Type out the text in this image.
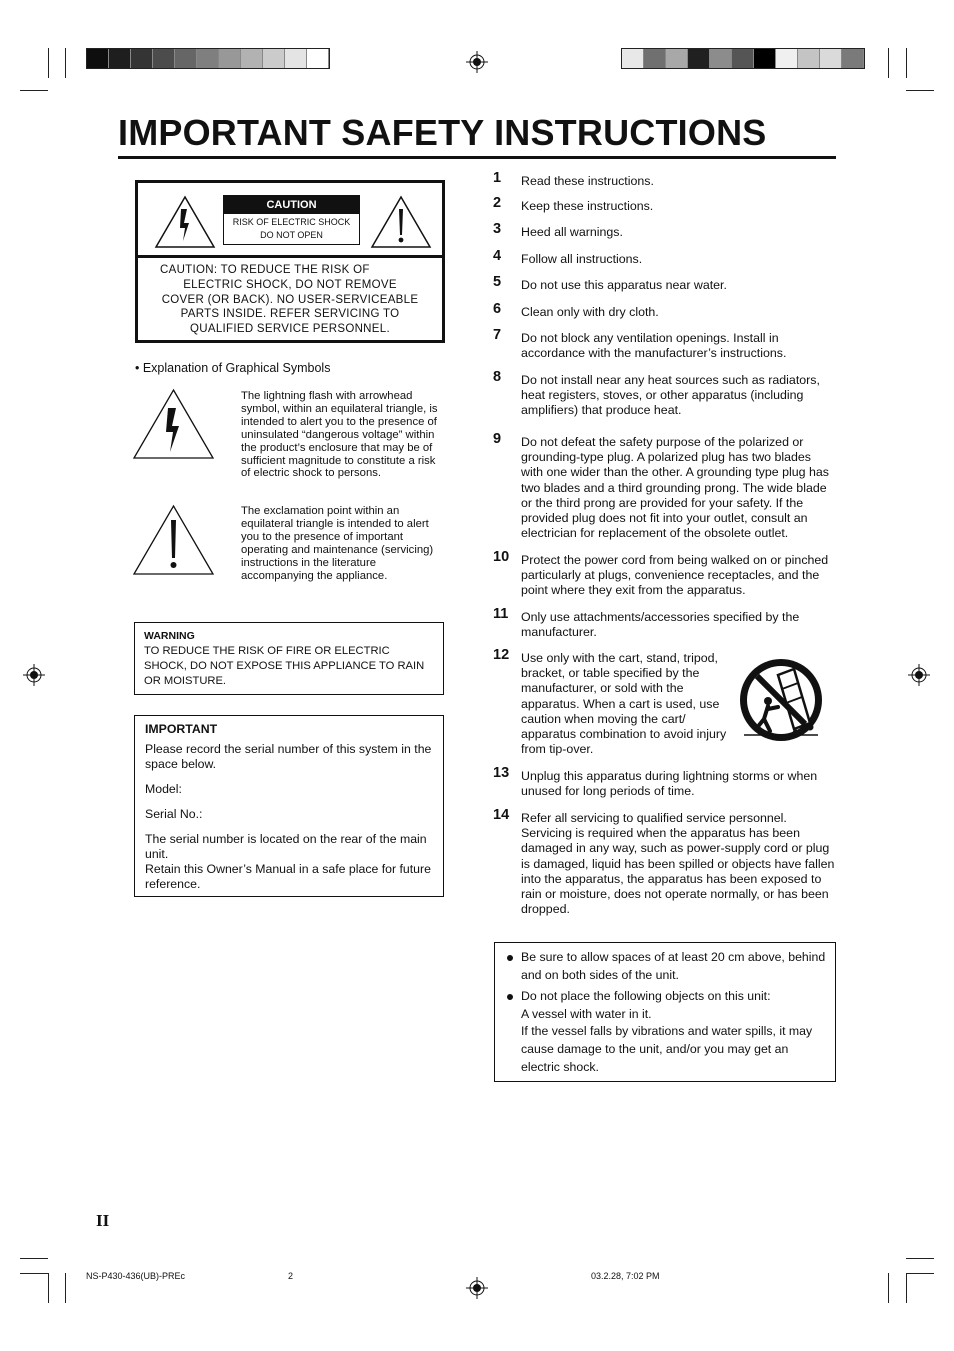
IMPORTANT SAFETY INSTRUCTIONS
CAUTION
RISK OF ELECTRIC SHOCK
DO NOT OPEN
CAUTION: TO REDUCE THE RISK OF
ELECTRIC SHOCK, DO NOT REMOVE
COVER (OR BACK). NO USER-SERVICEABLE
PARTS INSIDE. REFER SERVICING TO
QUALIFIED SERVICE PERSONNEL.
• Explanation of Graphical Symbols
The lightning flash with arrowhead symbol, within an equilateral triangle, is intended to alert you to the presence of uninsulated “dangerous voltage” within the product’s enclosure that may be of sufficient magnitude to constitute a risk of electric shock to persons.
The exclamation point within an equilateral triangle is intended to alert you to the presence of important operating and maintenance (servicing) instructions in the literature accompanying the appliance.
WARNING
TO REDUCE THE RISK OF FIRE OR ELECTRIC SHOCK, DO NOT EXPOSE THIS APPLIANCE TO RAIN OR MOISTURE.

IMPORTANT

Please record the serial number of this system in the space below.

Model:

Serial No.:

The serial number is located on the rear of the main unit.

Retain this Owner’s Manual in a safe place for future reference.

1 Read these instructions.
2 Keep these instructions.
3 Heed all warnings.
4 Follow all instructions.
5 Do not use this apparatus near water.
6 Clean only with dry cloth.
7 Do not block any ventilation openings. Install in accordance with the manufacturer’s instructions.
8 Do not install near any heat sources such as radiators, heat registers, stoves, or other apparatus (including amplifiers) that produce heat.
9 Do not defeat the safety purpose of the polarized or grounding-type plug. A polarized plug has two blades with one wider than the other. A grounding type plug has two blades and a third grounding prong. The wide blade or the third prong are provided for your safety. If the provided plug does not fit into your outlet, consult an electrician for replacement of the obsolete outlet.
10 Protect the power cord from being walked on or pinched particularly at plugs, convenience receptacles, and the point where they exit from the apparatus.
11 Only use attachments/accessories specified by the manufacturer.
12 Use only with the cart, stand, tripod, bracket, or table specified by the manufacturer, or sold with the apparatus. When a cart is used, use caution when moving the cart/ apparatus combination to avoid injury from tip-over.
13 Unplug this apparatus during lightning storms or when unused for long periods of time.
14 Refer all servicing to qualified service personnel. Servicing is required when the apparatus has been damaged in any way, such as power-supply cord or plug is damaged, liquid has been spilled or objects have fallen into the apparatus, the apparatus has been exposed to rain or moisture, does not operate normally, or has been dropped.
Be sure to allow spaces of at least 20 cm above, behind and on both sides of the unit.
Do not place the following objects on this unit:
A vessel with water in it.
If the vessel falls by vibrations and water spills, it may cause damage to the unit, and/or you may get an electric shock.
II
NS-P430-436(UB)-PREc	2	03.2.28, 7:02 PM
